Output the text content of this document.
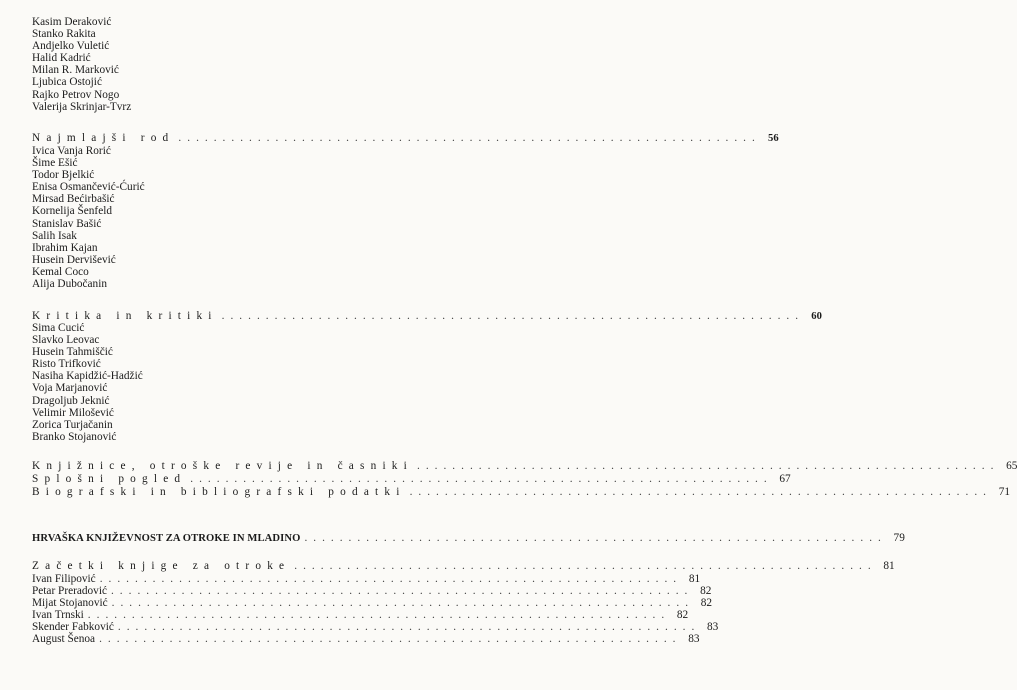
Kasim Deraković
Stanko Rakita
Andjelko Vuletić
Halid Kadrić
Milan R. Marković
Ljubica Ostojić
Rajko Petrov Nogo
Valerija Skrinjar-Tvrz
Najmlajši rod .................................................................. 56
Ivica Vanja Rorić
Šime Ešić
Todor Bjelkić
Enisa Osmančević-Ćurić
Mirsad Bećirbašić
Kornelija Šenfeld
Stanislav Bašić
Salih Isak
Ibrahim Kajan
Husein Dervišević
Kemal Coco
Alija Dubočanin
Kritika in kritiki .................................................................. 60
Sima Cucić
Slavko Leovac
Husein Tahmiščić
Risto Trifković
Nasiha Kapidžić-Hadžić
Voja Marjanović
Dragoljub Jeknić
Velimir Milošević
Zorica Turjačanin
Branko Stojanović
Knjižnice, otroške revije in časniki .................................................................. 65
Splošni pogled .................................................................. 67
Biografski in bibliografski podatki .................................................................. 71
HRVAŠKA KNJIŽEVNOST ZA OTROKE IN MLADINO .................................................................. 79
Začetki knjige za otroke .................................................................. 81
Ivan Filipović .................................................................. 81
Petar Preradović .................................................................. 82
Mijat Stojanović .................................................................. 82
Ivan Trnski .................................................................. 82
Skender Fabković .................................................................. 83
August Šenoa .................................................................. 83
